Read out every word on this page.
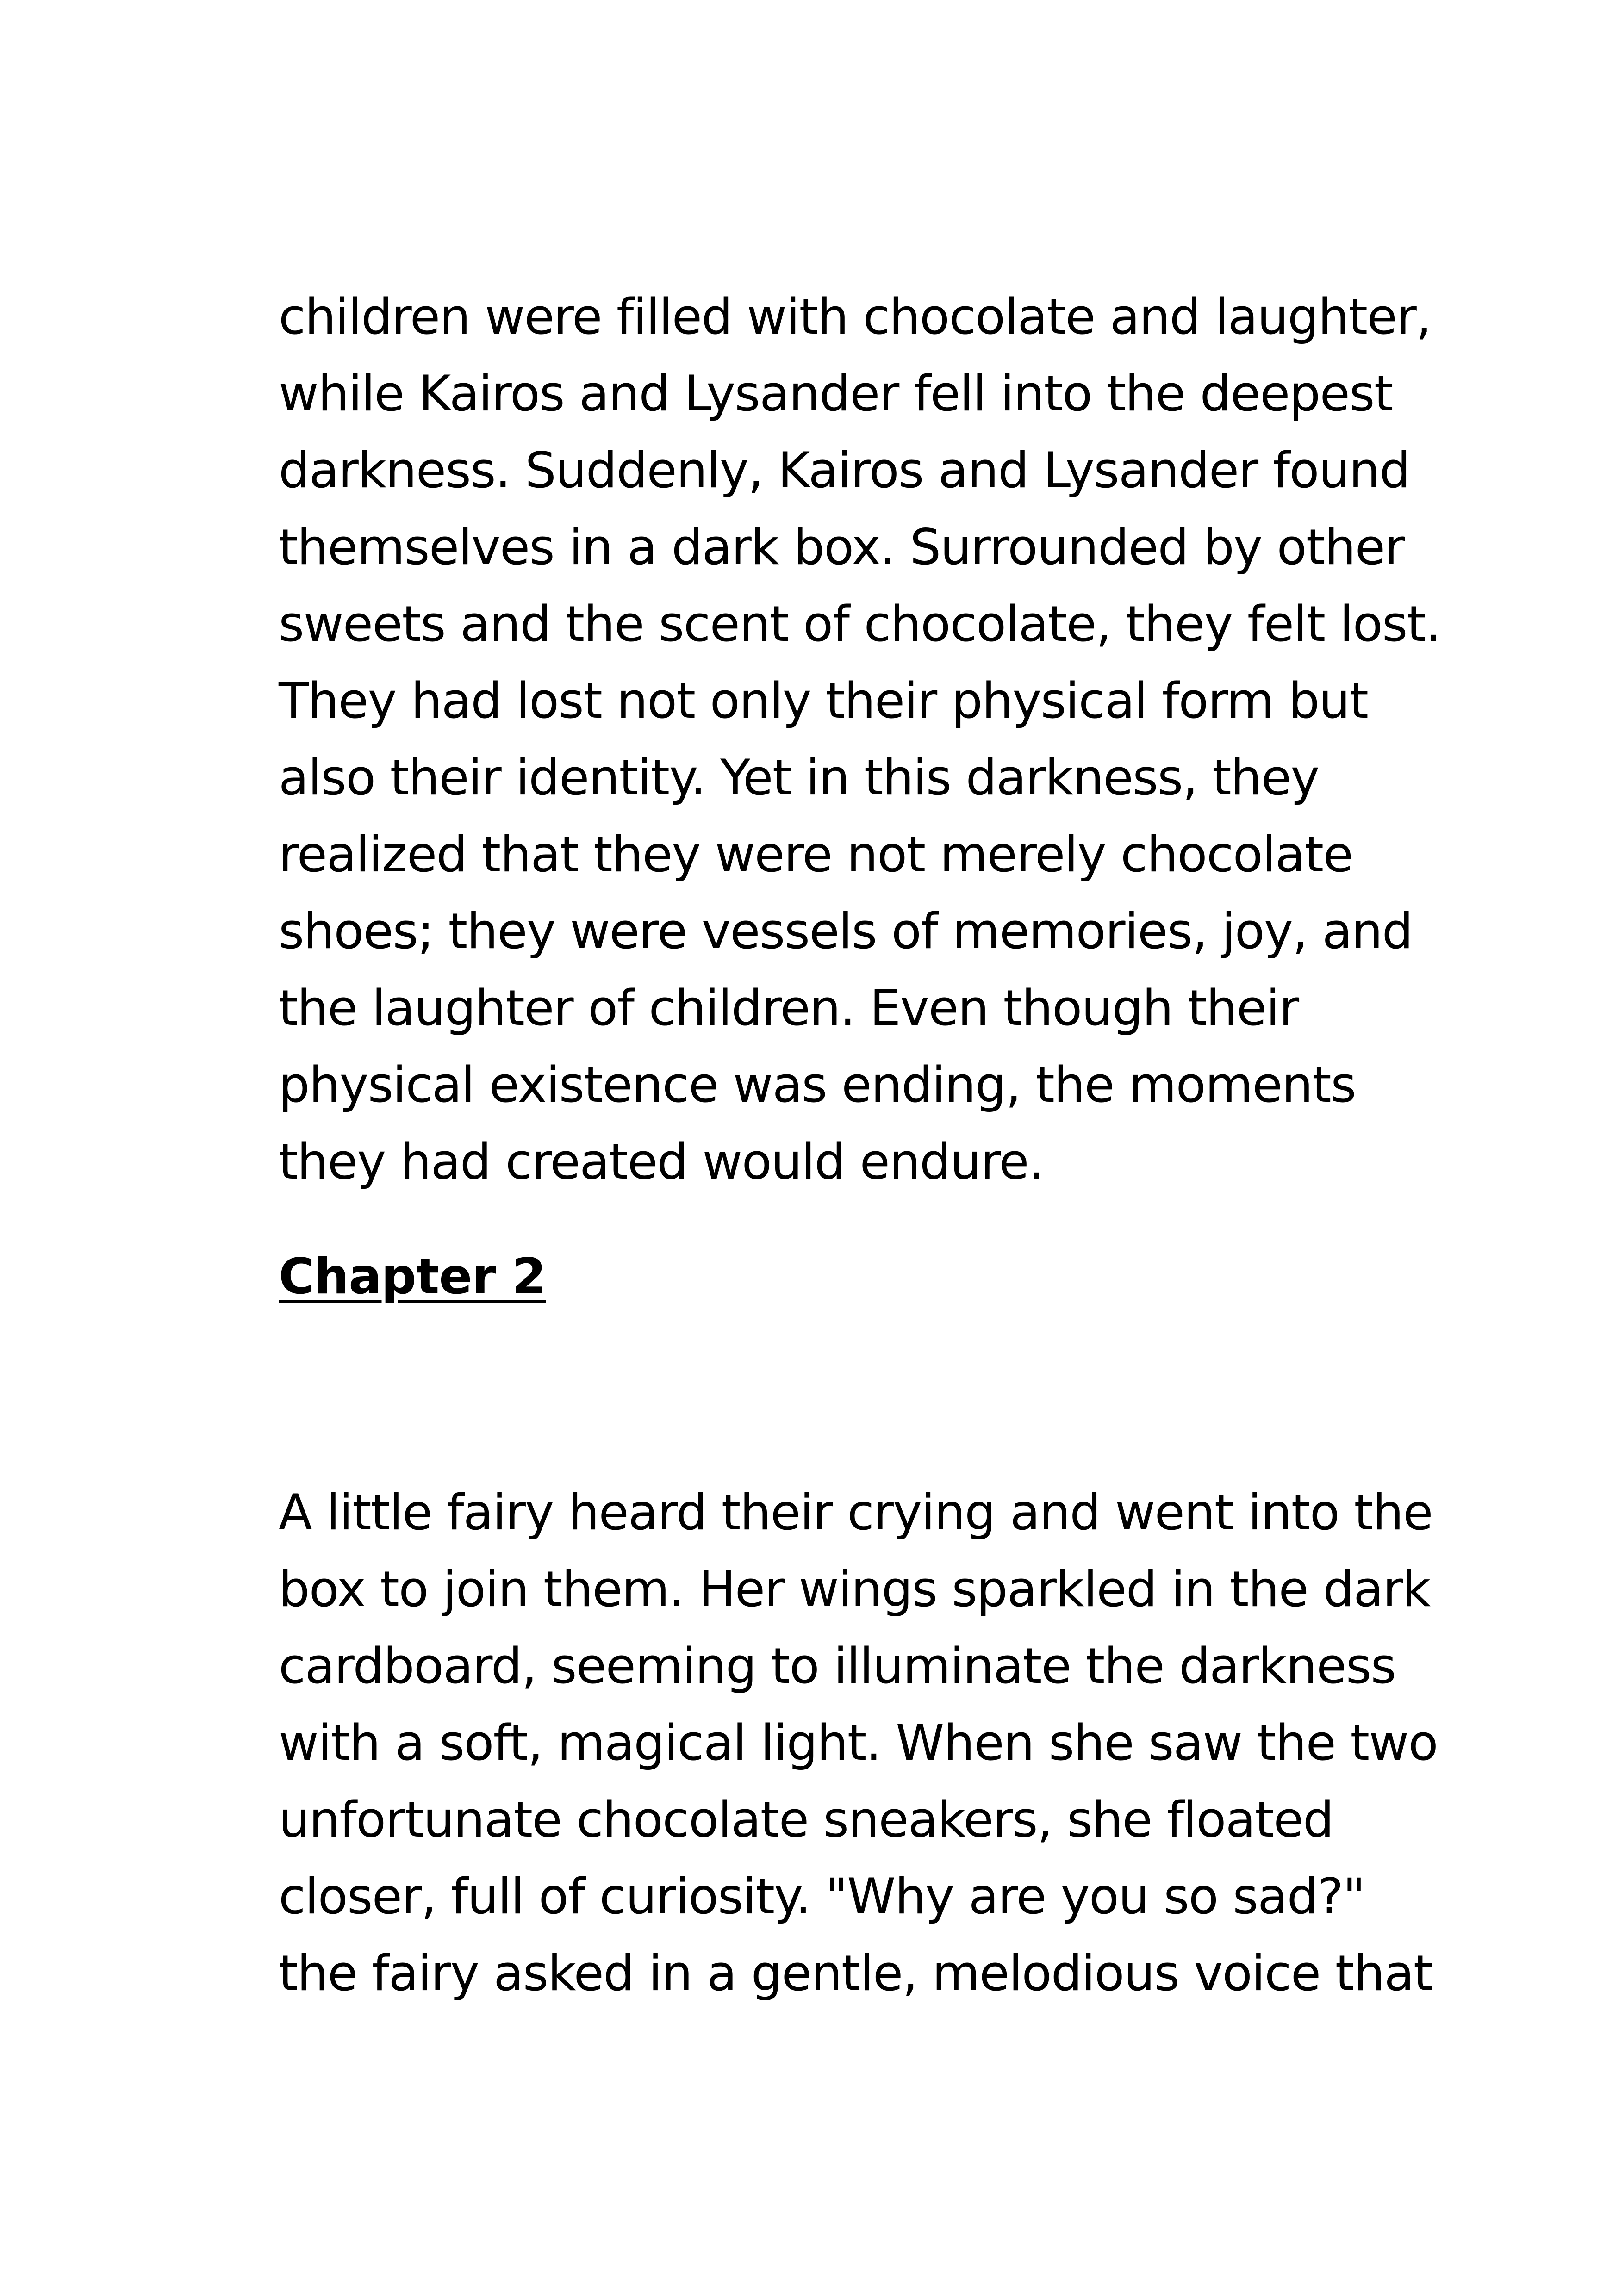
children were filled with chocolate and laughter,
while Kairos and Lysander fell into the deepest
darkness. Suddenly, Kairos and Lysander found
themselves in a dark box. Surrounded by other
sweets and the scent of chocolate, they felt lost.
They had lost not only their physical form but
also their identity. Yet in this darkness, they
realized that they were not merely chocolate
shoes; they were vessels of memories, joy, and
the laughter of children. Even though their
physical existence was ending, the moments
they had created would endure.

Chapter 2

A little fairy heard their crying and went into the
box to join them. Her wings sparkled in the dark
cardboard, seeming to illuminate the darkness
with a soft, magical light. When she saw the two
unfortunate chocolate sneakers, she floated
closer, full of curiosity. "Why are you so sad?"
the fairy asked in a gentle, melodious voice that
